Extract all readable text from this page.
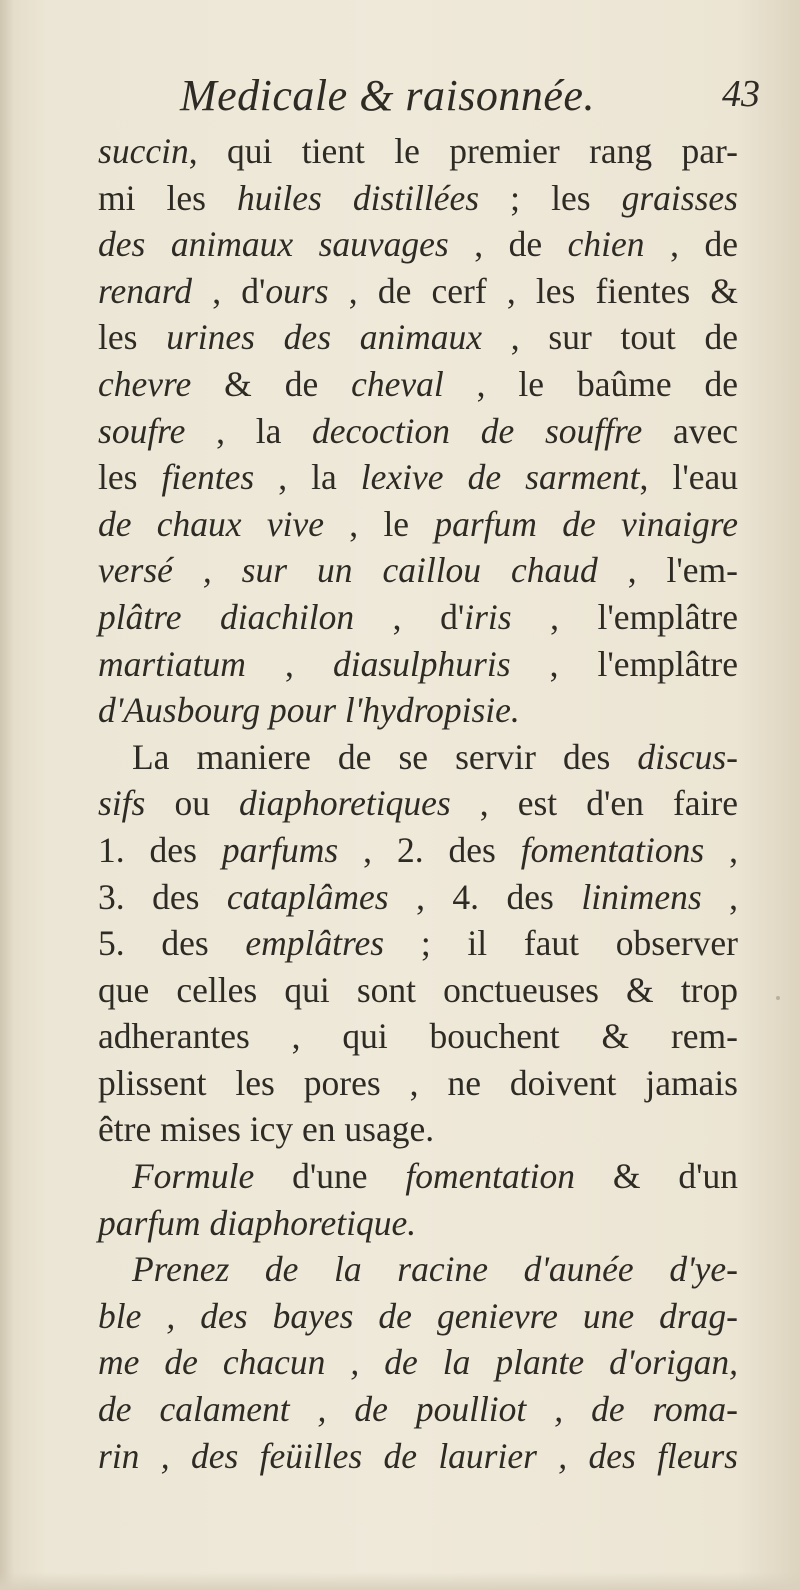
Medicale & raisonnée.	43
succin, qui tient le premier rang par-
mi les huiles distillées ; les graisses
des animaux sauvages , de chien , de
renard , d'ours , de cerf , les fientes &
les urines des animaux , sur tout de
chevre & de cheval , le baûme de
soufre , la decoction de souffre avec
les fientes , la lexive de sarment, l'eau
de chaux vive , le parfum de vinaigre
versé , sur un caillou chaud , l'em-
plâtre diachilon , d'iris , l'emplâtre
martiatum , diasulphuris , l'emplâtre
d'Ausbourg pour l'hydropisie.
La maniere de se servir des discus-
sifs ou diaphoretiques , est d'en faire
1. des parfums , 2. des fomentations ,
3. des cataplâmes , 4. des linimens ,
5. des emplâtres ; il faut observer
que celles qui sont onctueuses & trop
adherantes , qui bouchent & rem-
plissent les pores , ne doivent jamais
être mises icy en usage.
Formule d'une fomentation & d'un
parfum diaphoretique.
Prenez de la racine d'aunée d'ye-
ble , des bayes de genievre une drag-
me de chacun , de la plante d'origan,
de calament , de poulliot , de roma-
rin , des feüilles de laurier , des fleurs
